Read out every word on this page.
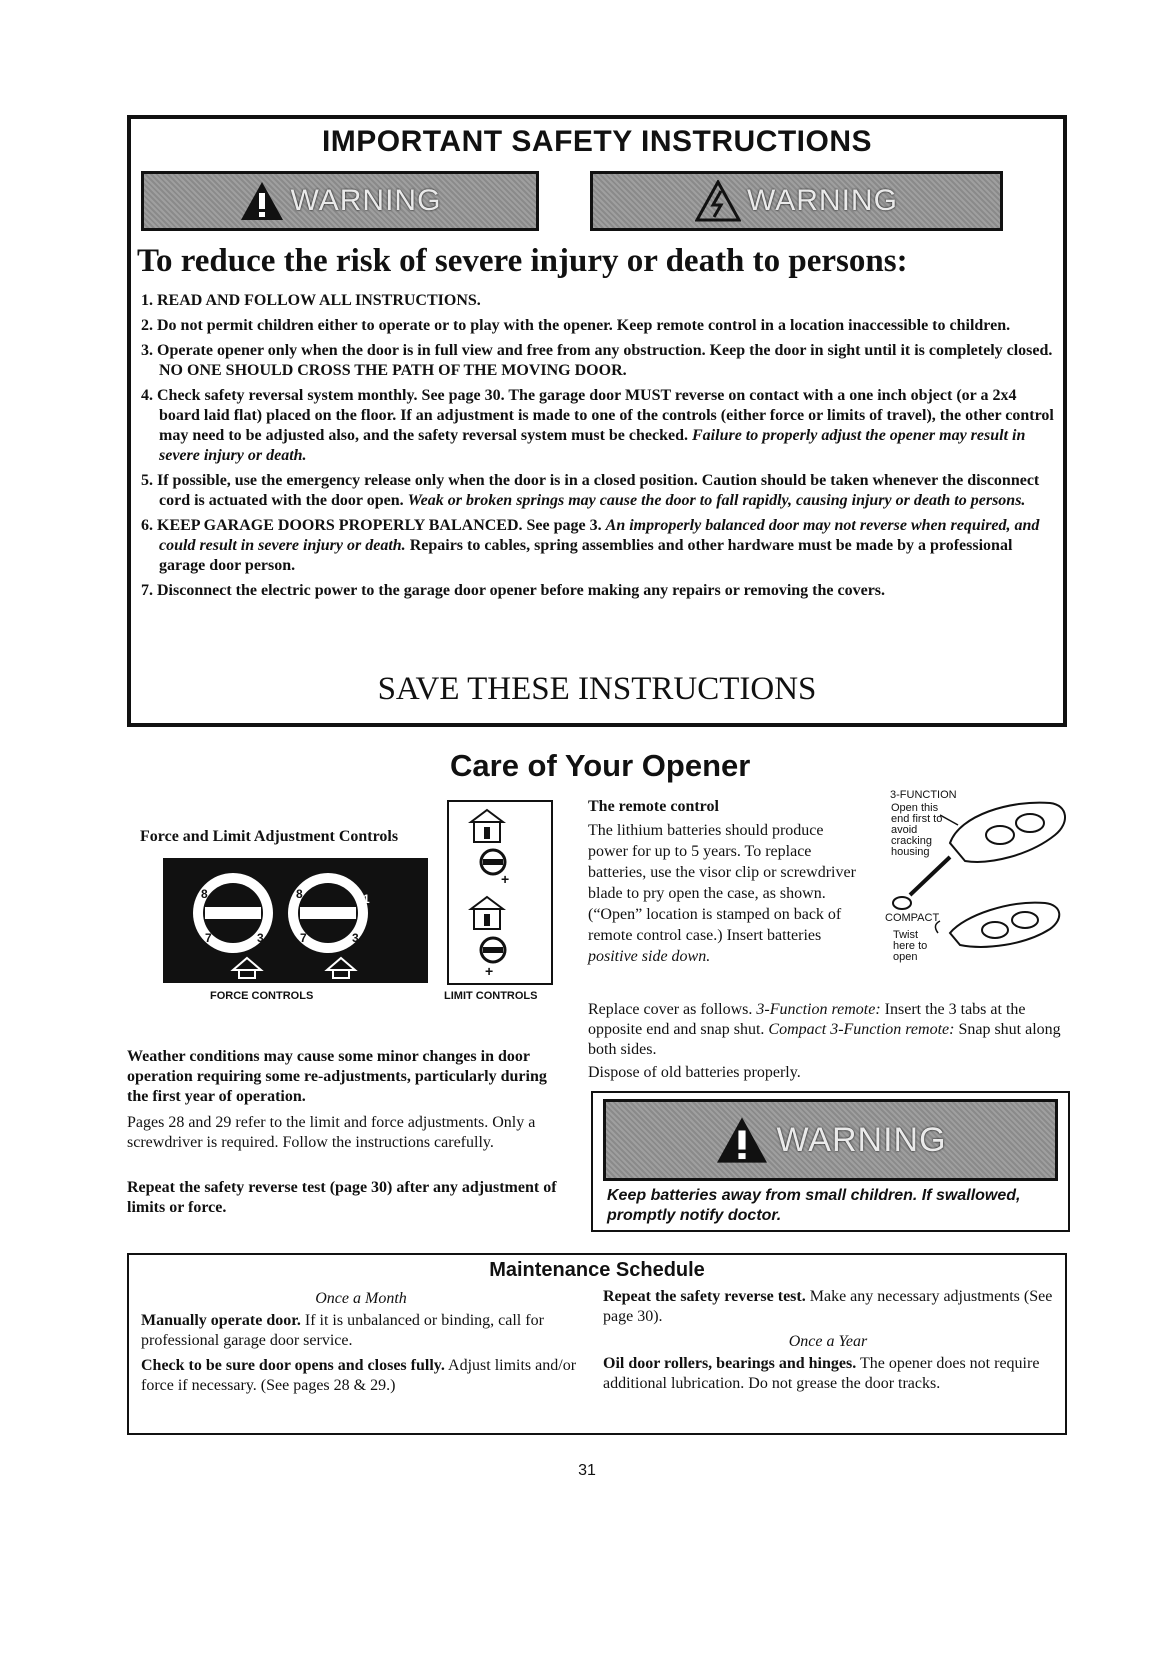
IMPORTANT SAFETY INSTRUCTIONS
WARNING	WARNING
To reduce the risk of severe injury or death to persons:
1. READ AND FOLLOW ALL INSTRUCTIONS.
2. Do not permit children either to operate or to play with the opener. Keep remote control in a location inaccessible to children.
3. Operate opener only when the door is in full view and free from any obstruction. Keep the door in sight until it is completely closed. NO ONE SHOULD CROSS THE PATH OF THE MOVING DOOR.
4. Check safety reversal system monthly. See page 30. The garage door MUST reverse on contact with a one inch object (or a 2x4 board laid flat) placed on the floor. If an adjustment is made to one of the controls (either force or limits of travel), the other control may need to be adjusted also, and the safety reversal system must be checked. Failure to properly adjust the opener may result in severe injury or death.
5. If possible, use the emergency release only when the door is in a closed position. Caution should be taken whenever the disconnect cord is actuated with the door open. Weak or broken springs may cause the door to fall rapidly, causing injury or death to persons.
6. KEEP GARAGE DOORS PROPERLY BALANCED. See page 3. An improperly balanced door may not reverse when required, and could result in severe injury or death. Repairs to cables, spring assemblies and other hardware must be made by a professional garage door person.
7. Disconnect the electric power to the garage door opener before making any repairs or removing the covers.
SAVE THESE INSTRUCTIONS
Care of Your Opener
Force and Limit Adjustment Controls
8
7
5
3
8
7
5
3
1
+
+
FORCE CONTROLS	LIMIT CONTROLS
Weather conditions may cause some minor changes in door operation requiring some re-adjustments, particularly during the first year of operation.
Pages 28 and 29 refer to the limit and force adjustments. Only a screwdriver is required. Follow the instructions carefully.
Repeat the safety reverse test (page 30) after any adjustment of limits or force.
The remote control
The lithium batteries should produce power for up to 5 years. To replace batteries, use the visor clip or screwdriver blade to pry open the case, as shown. (“Open” location is stamped on back of remote control case.) Insert batteries positive side down.
3-FUNCTION
Open this end first to avoid cracking housing
COMPACT
Twist here to open
Replace cover as follows. 3-Function remote: Insert the 3 tabs at the opposite end and snap shut. Compact 3-Function remote: Snap shut along both sides.
Dispose of old batteries properly.
WARNING
Keep batteries away from small children. If swallowed, promptly notify doctor.
Maintenance Schedule
Once a Month

Manually operate door. If it is unbalanced or binding, call for professional garage door service.

Check to be sure door opens and closes fully. Adjust limits and/or force if necessary. (See pages 28 & 29.)

Repeat the safety reverse test. Make any necessary adjustments (See page 30).

Once a Year

Oil door rollers, bearings and hinges. The opener does not require additional lubrication. Do not grease the door tracks.

31
